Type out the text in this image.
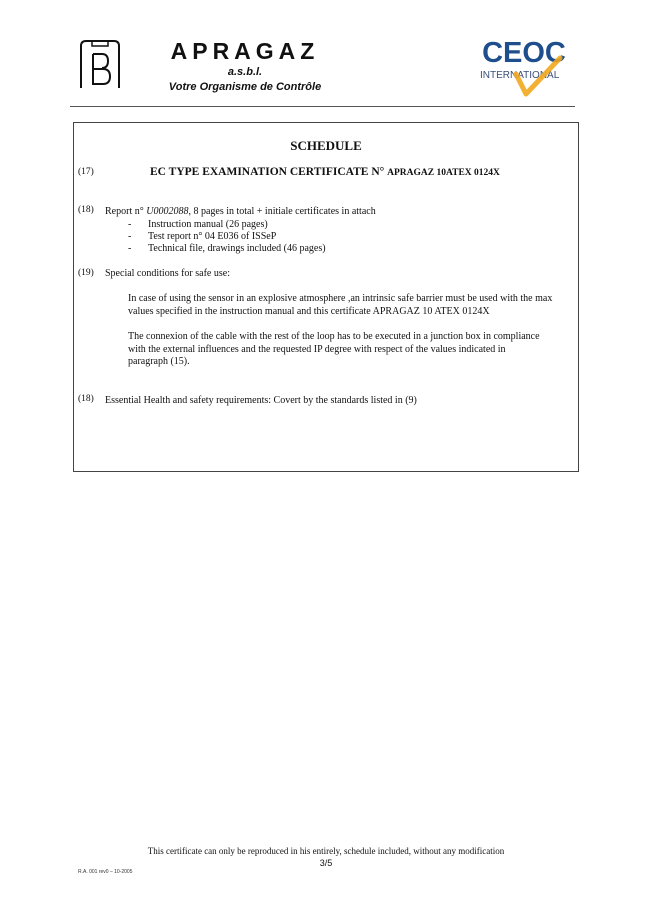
APRAGAZ
a.s.b.l.
Votre Organisme de Contrôle
CEOC
INTERNATIONAL
SCHEDULE
(17)	EC TYPE EXAMINATION CERTIFICATE N° APRAGAZ 10ATEX 0124X
(18) Report n° U0002088, 8 pages in total + initiale certificates in attach
- Instruction manual (26 pages)
- Test report n° 04 E036 of ISSeP
- Technical file, drawings included (46 pages)
(19) Special conditions for safe use:
In case of using the sensor in an explosive atmosphere ,an intrinsic safe barrier must be used with the max values specified in the instruction manual and this certificate APRAGAZ 10 ATEX 0124X
The connexion of the cable with the rest of the loop has to be executed in a junction box in compliance with the external influences and the requested IP degree with respect of the values indicated in paragraph (15).
(18) Essential Health and safety requirements: Covert by the standards listed in (9)
This certificate can only be reproduced in his entirely, schedule included, without any modification
3/5
R.A. 001 rev0 – 10-2005
